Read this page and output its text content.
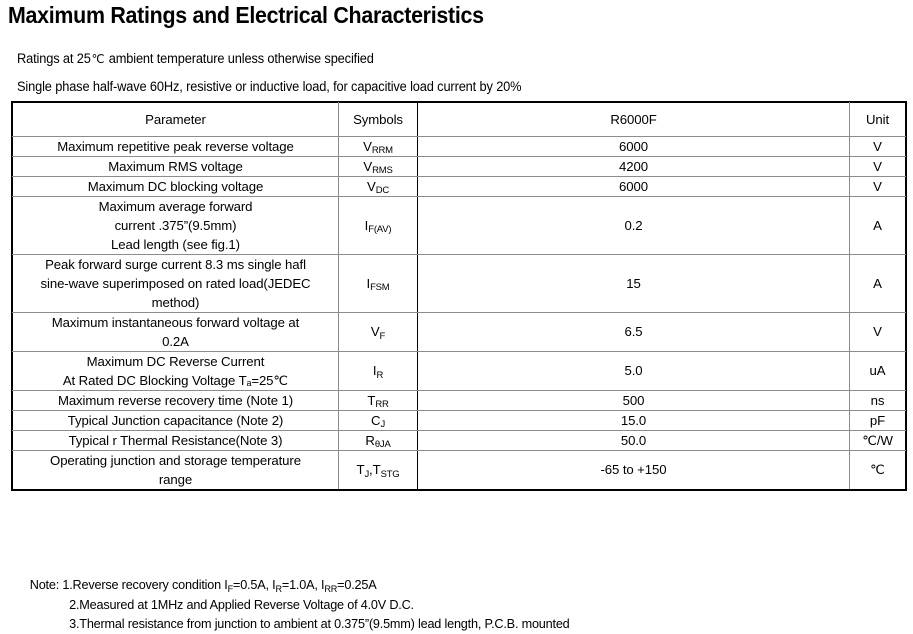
Maximum Ratings and Electrical Characteristics
Ratings at 25℃ ambient temperature unless otherwise specified
Single phase half-wave 60Hz, resistive or inductive load, for capacitive load current by 20%
Parameter	Symbols	R6000F	Unit
Maximum repetitive peak reverse voltage	$V_{RRM}$	6000	V
Maximum RMS voltage	$V_{RMS}$	4200	V
Maximum DC blocking voltage	$V_{DC}$	6000	V
Maximum average forward
current .375”(9.5mm)
Lead length (see fig.1)	$I_{F(AV)}$	0.2	A
Peak forward surge current 8.3 ms single hafl
sine-wave superimposed on rated load(JEDEC
method)	$I_{FSM}$	15	A
Maximum instantaneous forward voltage at
0.2A	$V_F$	6.5	V
Maximum DC Reverse Current
At Rated DC Blocking Voltage Tₐ=25℃	$I_R$	5.0	uA
Maximum reverse recovery time (Note 1)	$T_{RR}$	500	ns
Typical Junction capacitance (Note 2)	$C_J$	15.0	pF
Typical r Thermal Resistance(Note 3)	$R_{\theta JA}$	50.0	℃/W
Operating junction and storage temperature
range	$T_J,T_{STG}$	-65 to +150	℃
Note: 1.Reverse recovery condition $I_F=0.5A$, $I_R=1.0A$, $I_{RR}=0.25A$
2.Measured at 1MHz and Applied Reverse Voltage of 4.0V D.C.
3.Thermal resistance from junction to ambient at 0.375”(9.5mm) lead length, P.C.B. mounted
